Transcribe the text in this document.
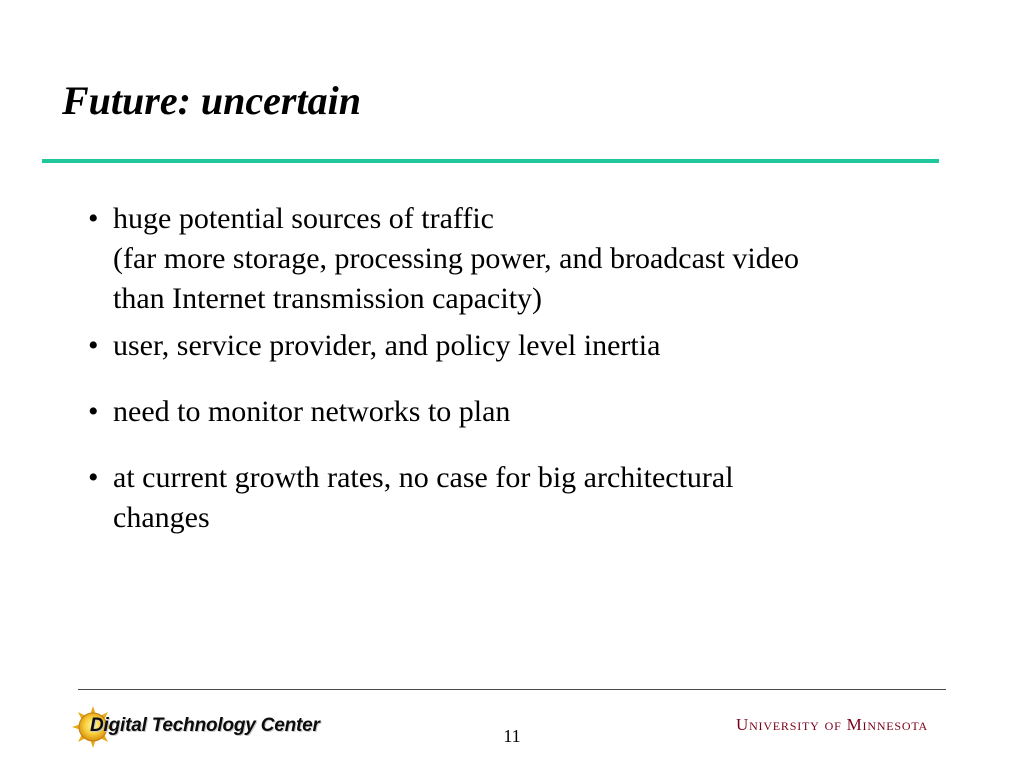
Future: uncertain
• huge potential sources of traffic
(far more storage, processing power, and broadcast video
than Internet transmission capacity)
• user, service provider, and policy level inertia
• need to monitor networks to plan
• at current growth rates, no case for big architectural
changes
Digital Technology Center	11
University of Minnesota
